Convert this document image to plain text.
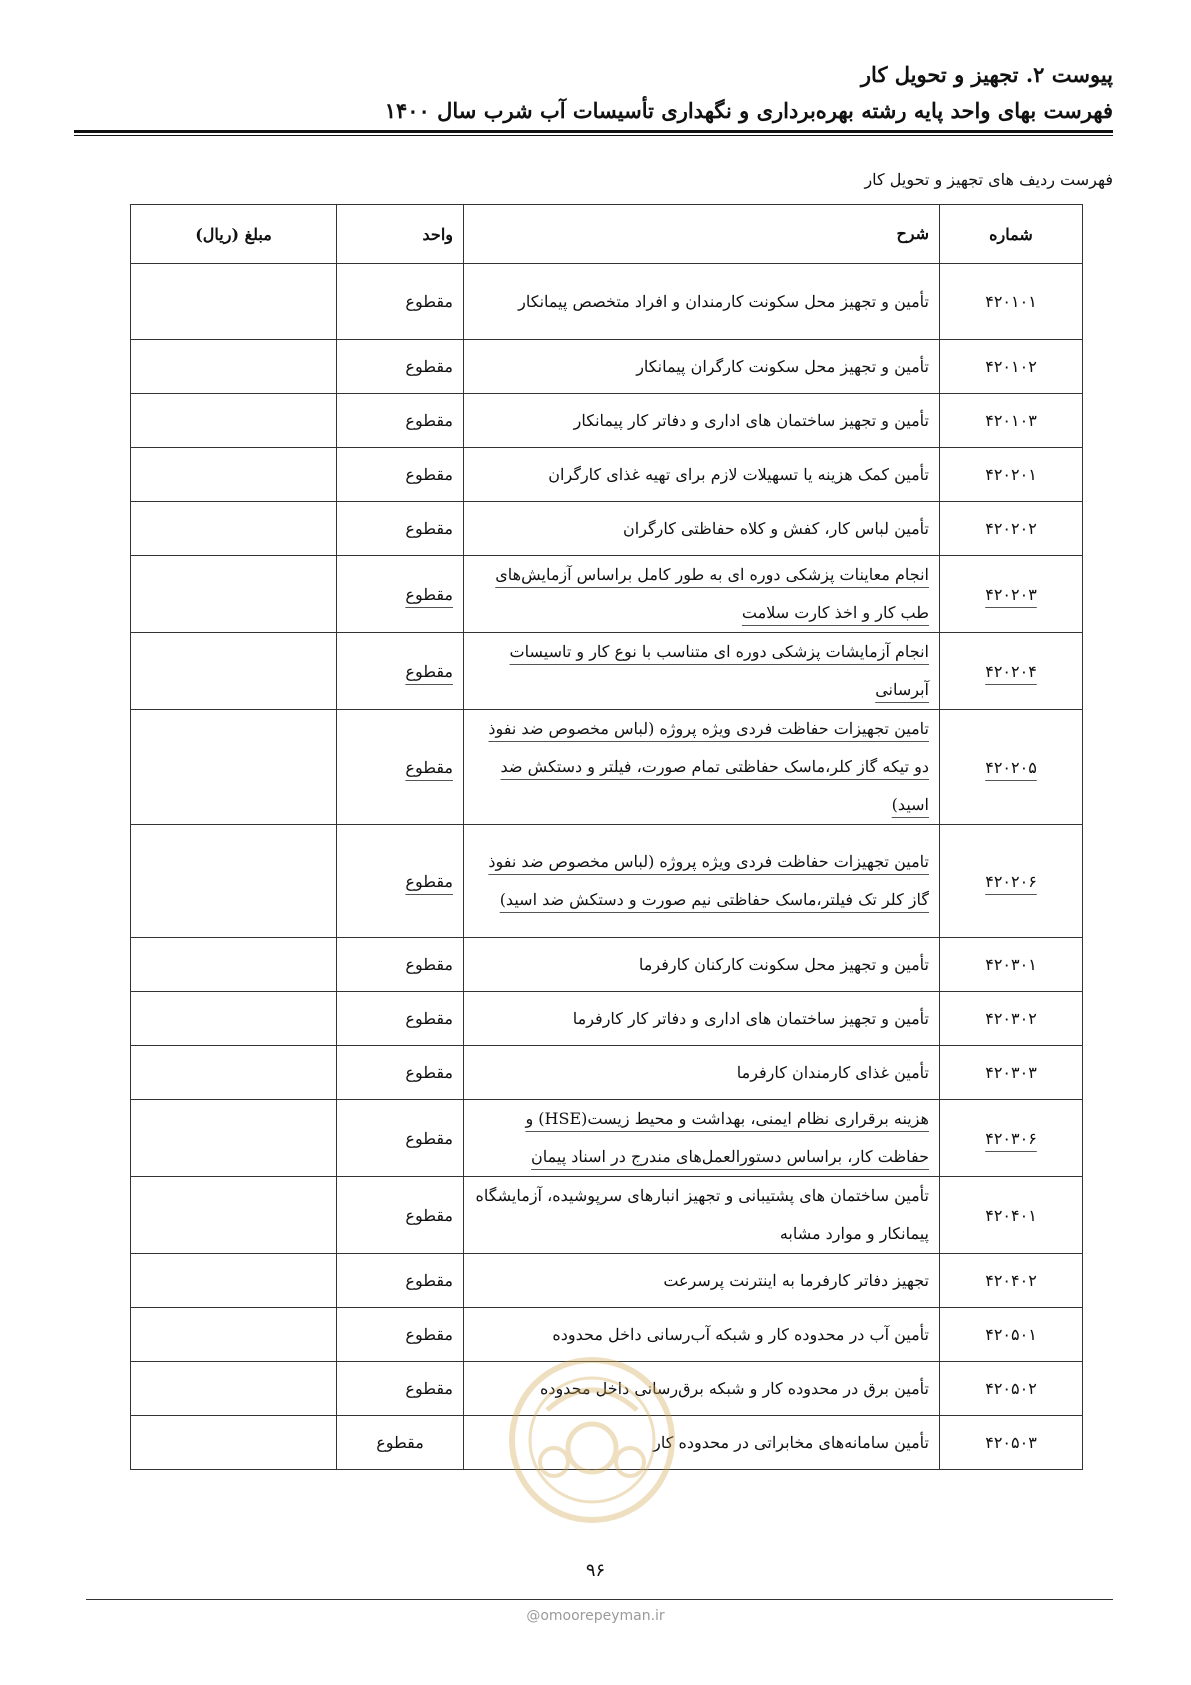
پیوست ۲. تجهیز و تحویل کار
فهرست بهای واحد پایه رشته بهره‌برداری و نگهداری تأسیسات آب شرب سال ۱۴۰۰
فهرست ردیف های تجهیز و تحویل کار
شماره	شرح	واحد	مبلغ (ریال)
۴۲۰۱۰۱	تأمین و تجهیز محل سکونت کارمندان و افراد متخصص پیمانکار	مقطوع	
۴۲۰۱۰۲	تأمین و تجهیز محل سکونت کارگران پیمانکار	مقطوع	
۴۲۰۱۰۳	تأمین و تجهیز ساختمان های اداری و دفاتر کار پیمانکار	مقطوع	
۴۲۰۲۰۱	تأمین کمک هزینه یا تسهیلات لازم برای تهیه غذای کارگران	مقطوع	
۴۲۰۲۰۲	تأمین لباس کار، کفش و کلاه حفاظتی کارگران	مقطوع	
۴۲۰۲۰۳	انجام معاینات پزشکی دوره ای به طور کامل براساس آزمایش‌های طب کار و اخذ کارت سلامت	مقطوع	
۴۲۰۲۰۴	انجام آزمایشات پزشکی دوره ای متناسب با نوع کار و تاسیسات آبرسانی	مقطوع	
۴۲۰۲۰۵	تامین تجهیزات حفاظت فردی ویژه پروژه (لباس مخصوص ضد نفوذ دو تیکه گاز کلر،ماسک حفاظتی تمام صورت، فیلتر و دستکش ضد اسید)	مقطوع	
۴۲۰۲۰۶	تامین تجهیزات حفاظت فردی ویژه پروژه (لباس مخصوص ضد نفوذ گاز کلر تک فیلتر،ماسک حفاظتی نیم صورت و دستکش ضد اسید)	مقطوع	
۴۲۰۳۰۱	تأمین و تجهیز محل سکونت کارکنان کارفرما	مقطوع	
۴۲۰۳۰۲	تأمین و تجهیز ساختمان های اداری و دفاتر کار کارفرما	مقطوع	
۴۲۰۳۰۳	تأمین غذای کارمندان کارفرما	مقطوع	
۴۲۰۳۰۶	هزینه برقراری نظام ایمنی، بهداشت و محیط زیست(HSE) و حفاظت کار، براساس دستورالعمل‌های مندرج در اسناد پیمان	مقطوع	
۴۲۰۴۰۱	تأمین ساختمان های پشتیبانی و تجهیز انبارهای سرپوشیده، آزمایشگاه پیمانکار و موارد مشابه	مقطوع	
۴۲۰۴۰۲	تجهیز دفاتر کارفرما به اینترنت پرسرعت	مقطوع	
۴۲۰۵۰۱	تأمین آب در محدوده کار و شبکه آب‌رسانی داخل محدوده	مقطوع	
۴۲۰۵۰۲	تأمین برق در محدوده کار و شبکه برق‌رسانی داخل محدوده	مقطوع	
۴۲۰۵۰۳	تأمین سامانه‌های مخابراتی در محدوده کار	مقطوع	
۹۶
@omoorepeyman.ir
